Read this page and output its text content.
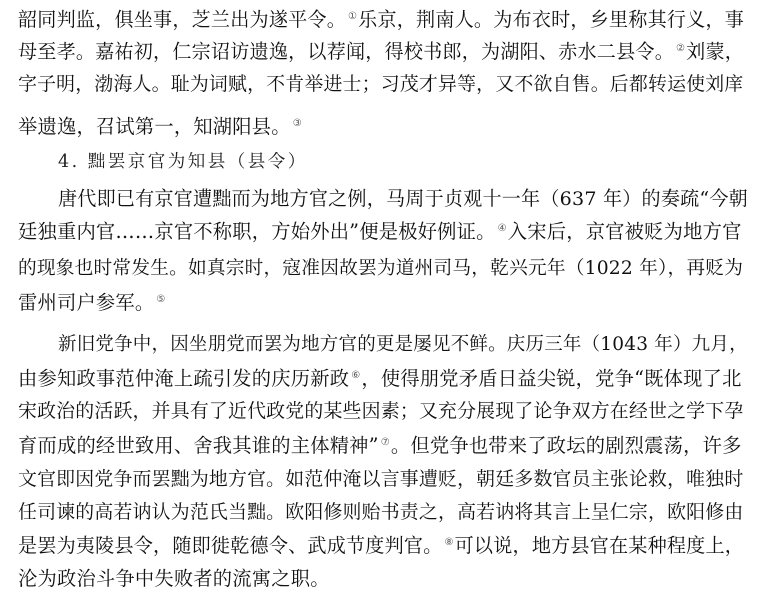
韶同判监，俱坐事，芝兰出为遂平令。 ①乐京，荆南人。为布衣时，乡里称其行义，事
母至孝。嘉祐初，仁宗诏访遗逸，以荐闻，得校书郎，为湖阳、赤水二县令。 ②刘蒙，
字子明，渤海人。耻为词赋，不肯举进士；习茂才异等，又不欲自售。后都转运使刘庠
举遗逸，召试第一，知湖阳县。 ③
4. 黜罢京官为知县（县令）
唐代即已有京官遭黜而为地方官之例，马周于贞观十一年（637 年）的奏疏“今朝
廷独重内官……京官不称职，方始外出”便是极好例证。 ④入宋后，京官被贬为地方官
的现象也时常发生。如真宗时，寇准因故罢为道州司马，乾兴元年（1022 年），再贬为
雷州司户参军。 ⑤
新旧党争中，因坐朋党而罢为地方官的更是屡见不鲜。庆历三年（1043 年）九月，
由参知政事范仲淹上疏引发的庆历新政 ⑥，使得朋党矛盾日益尖锐，党争“既体现了北
宋政治的活跃，并具有了近代政党的某些因素；又充分展现了论争双方在经世之学下孕
育而成的经世致用、舍我其谁的主体精神” ⑦。但党争也带来了政坛的剧烈震荡，许多
文官即因党争而罢黜为地方官。如范仲淹以言事遭贬，朝廷多数官员主张论救，唯独时
任司谏的高若讷认为范氏当黜。欧阳修则贻书责之，高若讷将其言上呈仁宗，欧阳修由
是罢为夷陵县令，随即徙乾德令、武成节度判官。 ⑧可以说，地方县官在某种程度上，
沦为政治斗争中失败者的流寓之职。
